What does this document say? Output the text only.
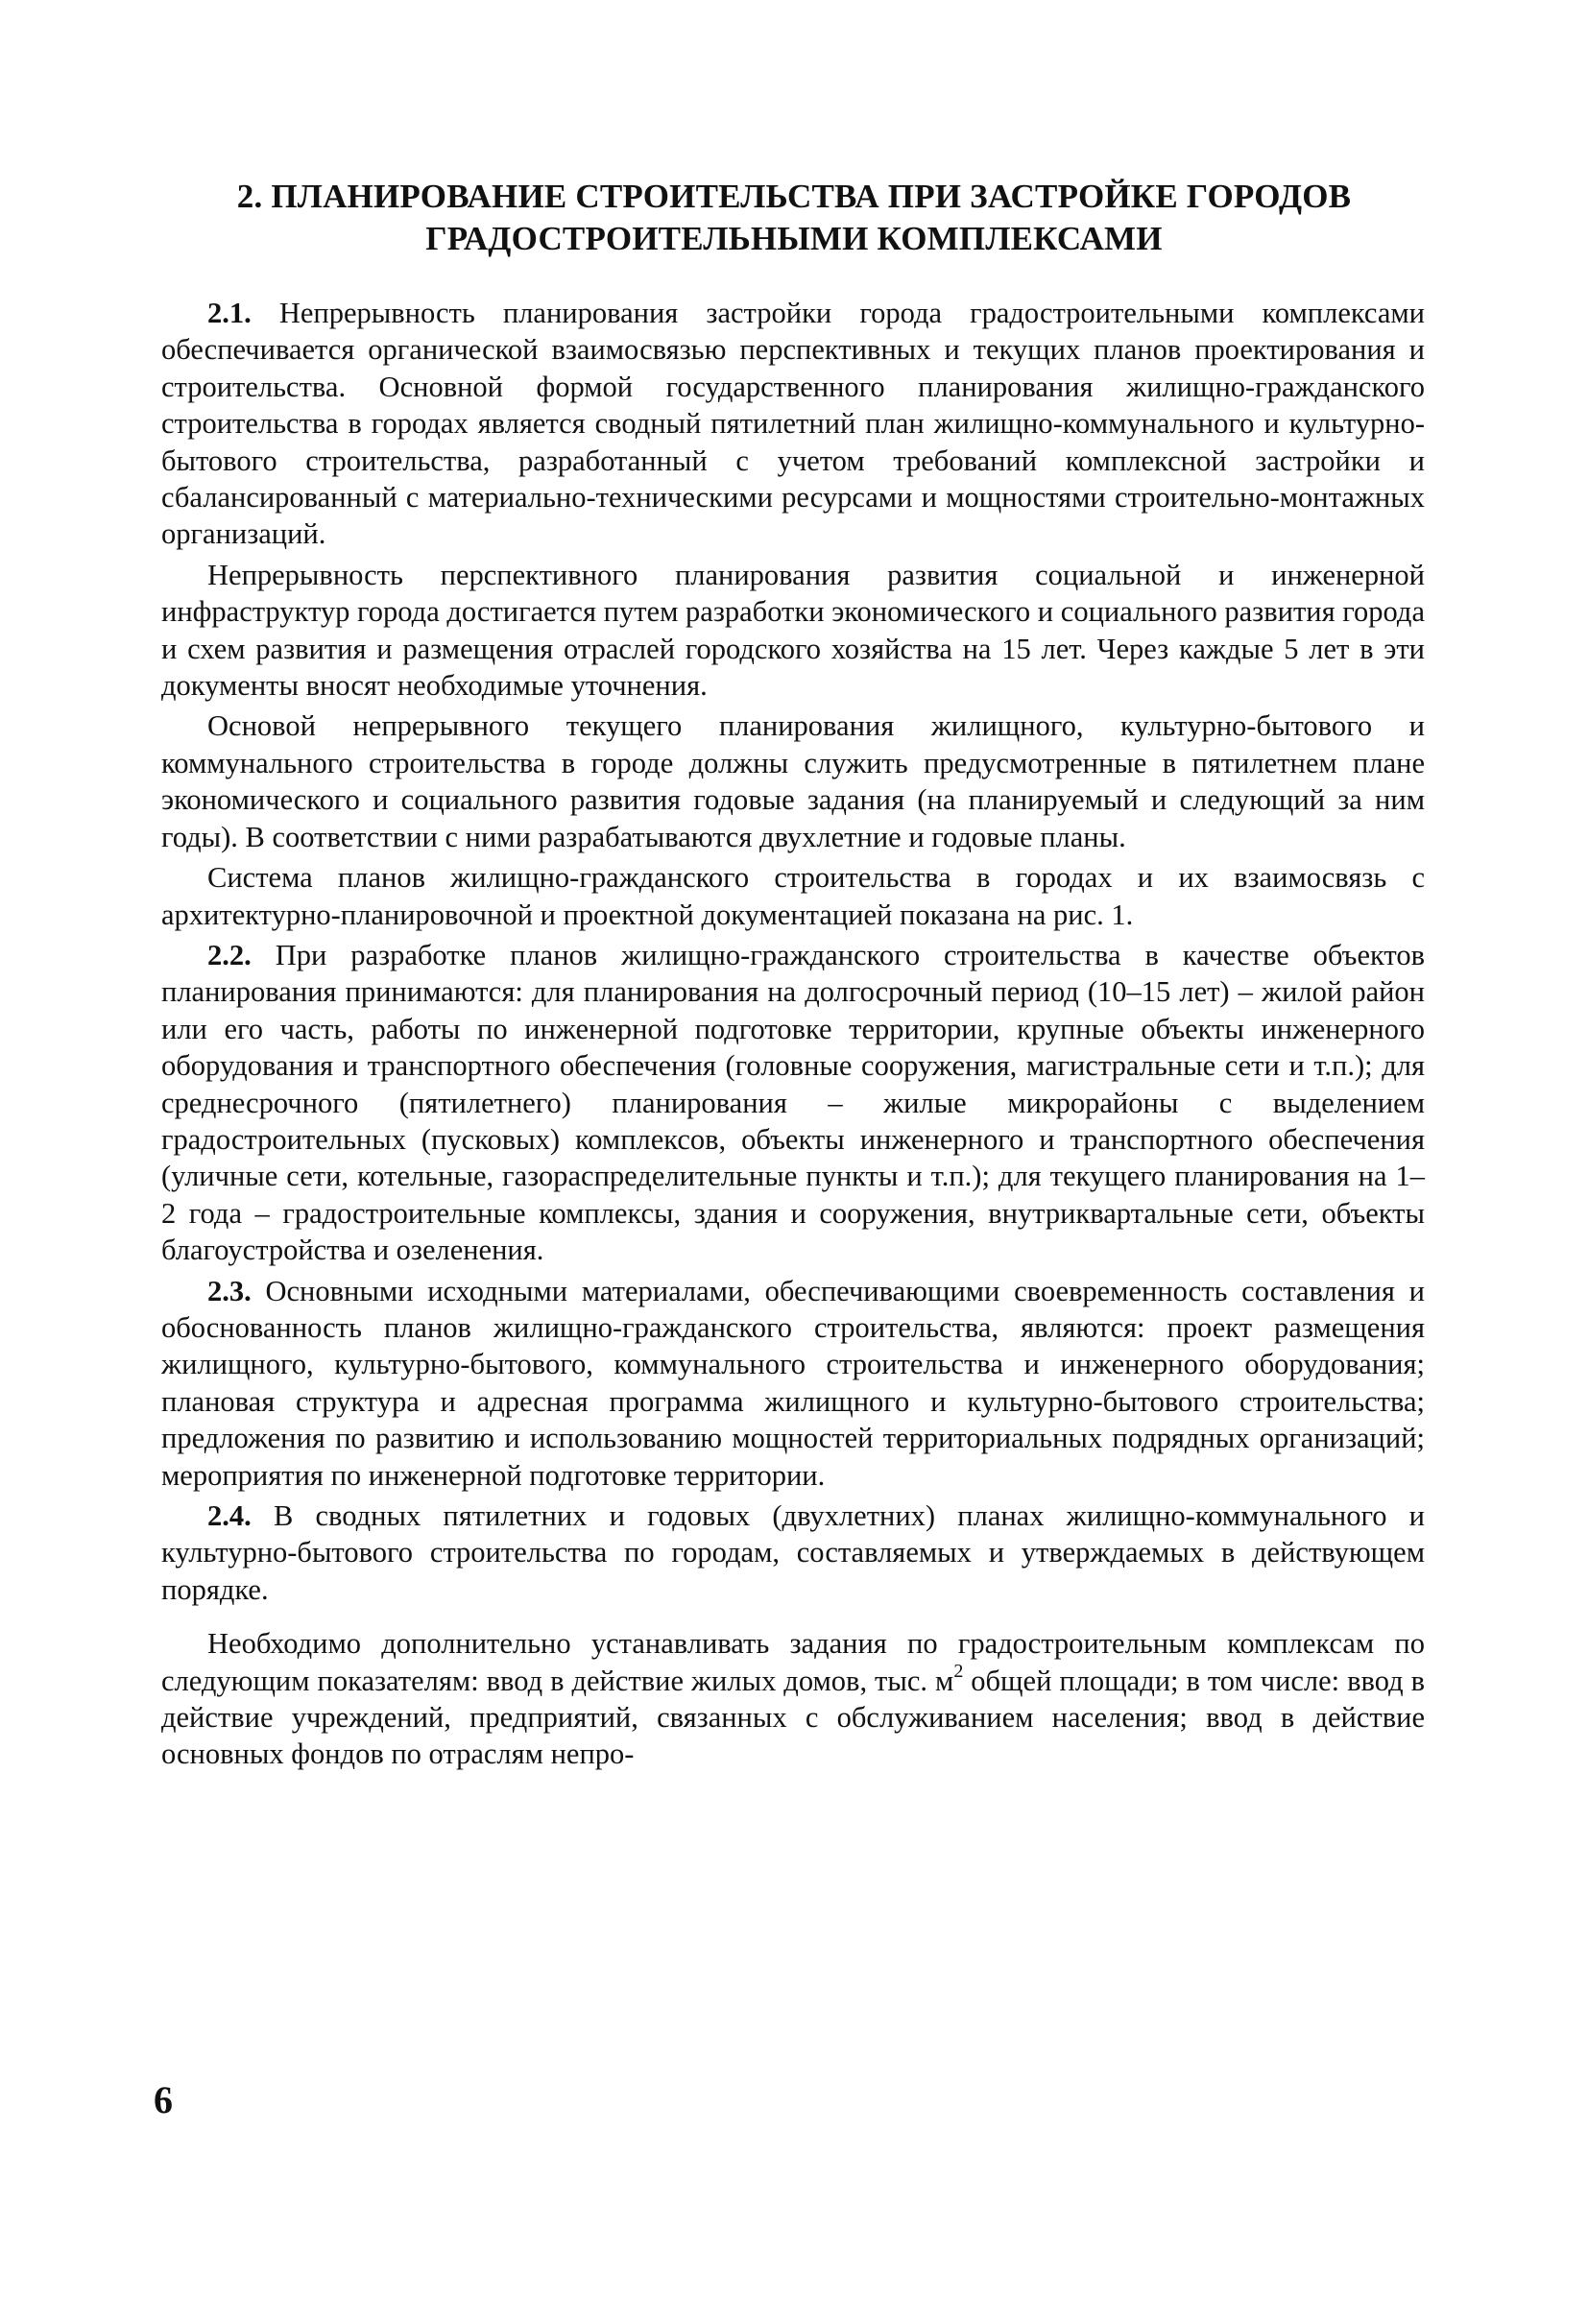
2. ПЛАНИРОВАНИЕ СТРОИТЕЛЬСТВА ПРИ ЗАСТРОЙКЕ ГОРОДОВ
ГРАДОСТРОИТЕЛЬНЫМИ КОМПЛЕКСАМИ

2.1. Непрерывность планирования застройки города градостроительными комплексами обеспечивается органической взаимосвязью перспективных и текущих планов проектирования и строительства. Основной формой государственного планирования жилищно-гражданского строительства в городах является сводный пятилетний план жилищно-коммунального и культурно-бытового строительства, разработанный с учетом требований комплексной застройки и сбалансированный с материально-техническими ресурсами и мощностями строительно-монтажных организаций.

Непрерывность перспективного планирования развития социальной и инженерной инфраструктур города достигается путем разработки экономического и социального развития города и схем развития и размещения отраслей городского хозяйства на 15 лет. Через каждые 5 лет в эти документы вносят необходимые уточнения.

Основой непрерывного текущего планирования жилищного, культурно-бытового и коммунального строительства в городе должны служить предусмотренные в пятилетнем плане экономического и социального развития годовые задания (на планируемый и следующий за ним годы). В соответствии с ними разрабатываются двухлетние и годовые планы.

Система планов жилищно-гражданского строительства в городах и их взаимосвязь с архитектурно-планировочной и проектной документацией показана на рис. 1.

2.2. При разработке планов жилищно-гражданского строительства в качестве объектов планирования принимаются: для планирования на долгосрочный период (10–15 лет) – жилой район или его часть, работы по инженерной подготовке территории, крупные объекты инженерного оборудования и транспортного обеспечения (головные сооружения, магистральные сети и т.п.); для среднесрочного (пятилетнего) планирования – жилые микрорайоны с выделением градостроительных (пусковых) комплексов, объекты инженерного и транспортного обеспечения (уличные сети, котельные, газораспределительные пункты и т.п.); для текущего планирования на 1–2 года – градостроительные комплексы, здания и сооружения, внутриквартальные сети, объекты благоустройства и озеленения.

2.3. Основными исходными материалами, обеспечивающими своевременность составления и обоснованность планов жилищно-гражданского строительства, являются: проект размещения жилищного, культурно-бытового, коммунального строительства и инженерного оборудования; плановая структура и адресная программа жилищного и культурно-бытового строительства; предложения по развитию и использованию мощностей территориальных подрядных организаций; мероприятия по инженерной подготовке территории.

2.4. В сводных пятилетних и годовых (двухлетних) планах жилищно-коммунального и культурно-бытового строительства по городам, составляемых и утверждаемых в действующем порядке.

Необходимо дополнительно устанавливать задания по градостроительным комплексам по следующим показателям: ввод в действие жилых домов, тыс. $м^2$ общей площади; в том числе: ввод в действие учреждений, предприятий, связанных с обслуживанием населения; ввод в действие основных фондов по отраслям непро-

6
